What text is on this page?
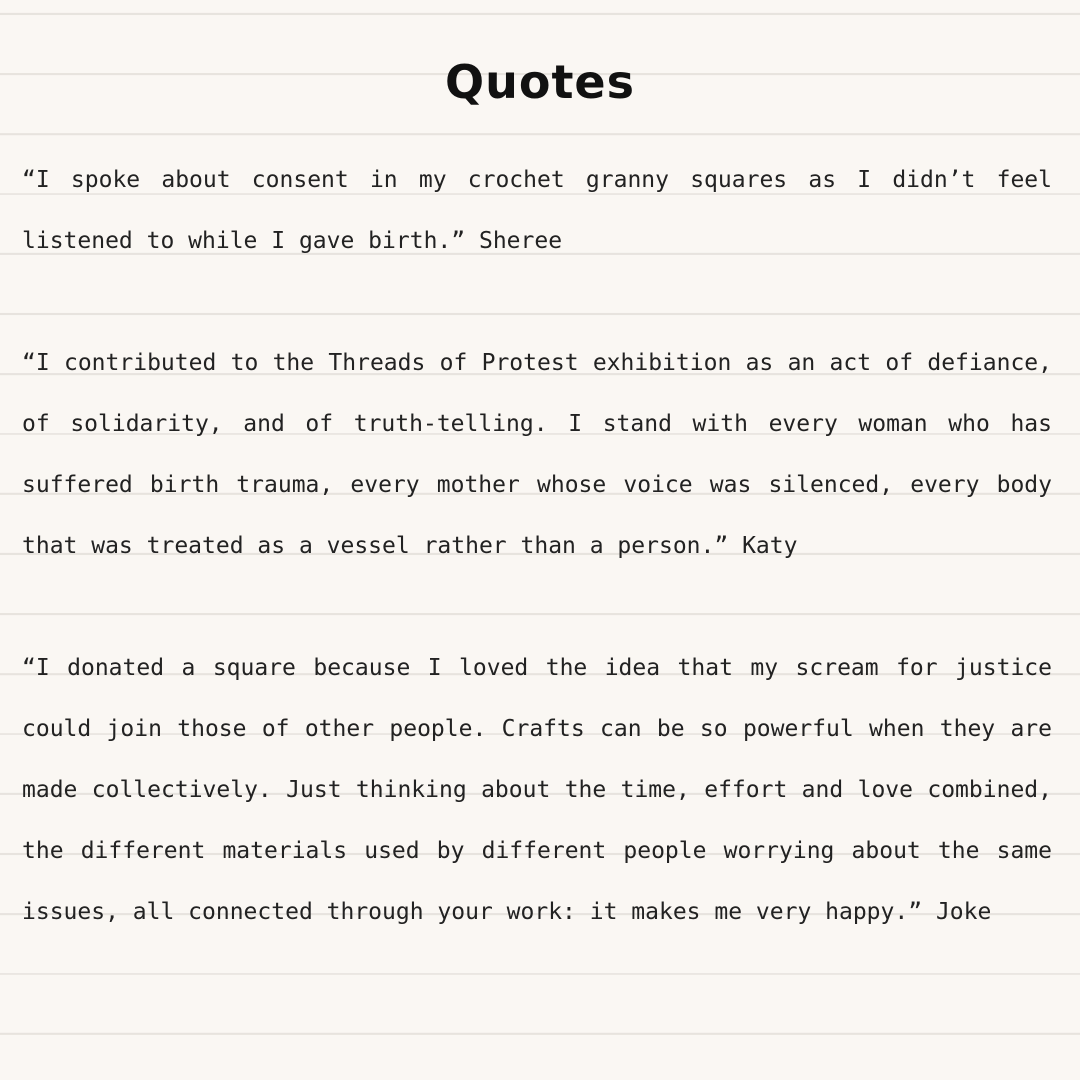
Quotes

“I spoke about consent in my crochet granny squares as I didn’t feel listened to while I gave birth.” Sheree

“I contributed to the Threads of Protest exhibition as an act of defiance, of solidarity, and of truth-telling. I stand with every woman who has suffered birth trauma, every mother whose voice was silenced, every body that was treated as a vessel rather than a person.” Katy

“I donated a square because I loved the idea that my scream for justice could join those of other people. Crafts can be so powerful when they are made collectively. Just thinking about the time, effort and love combined, the different materials used by different people worrying about the same issues, all connected through your work: it makes me very happy.” Joke
